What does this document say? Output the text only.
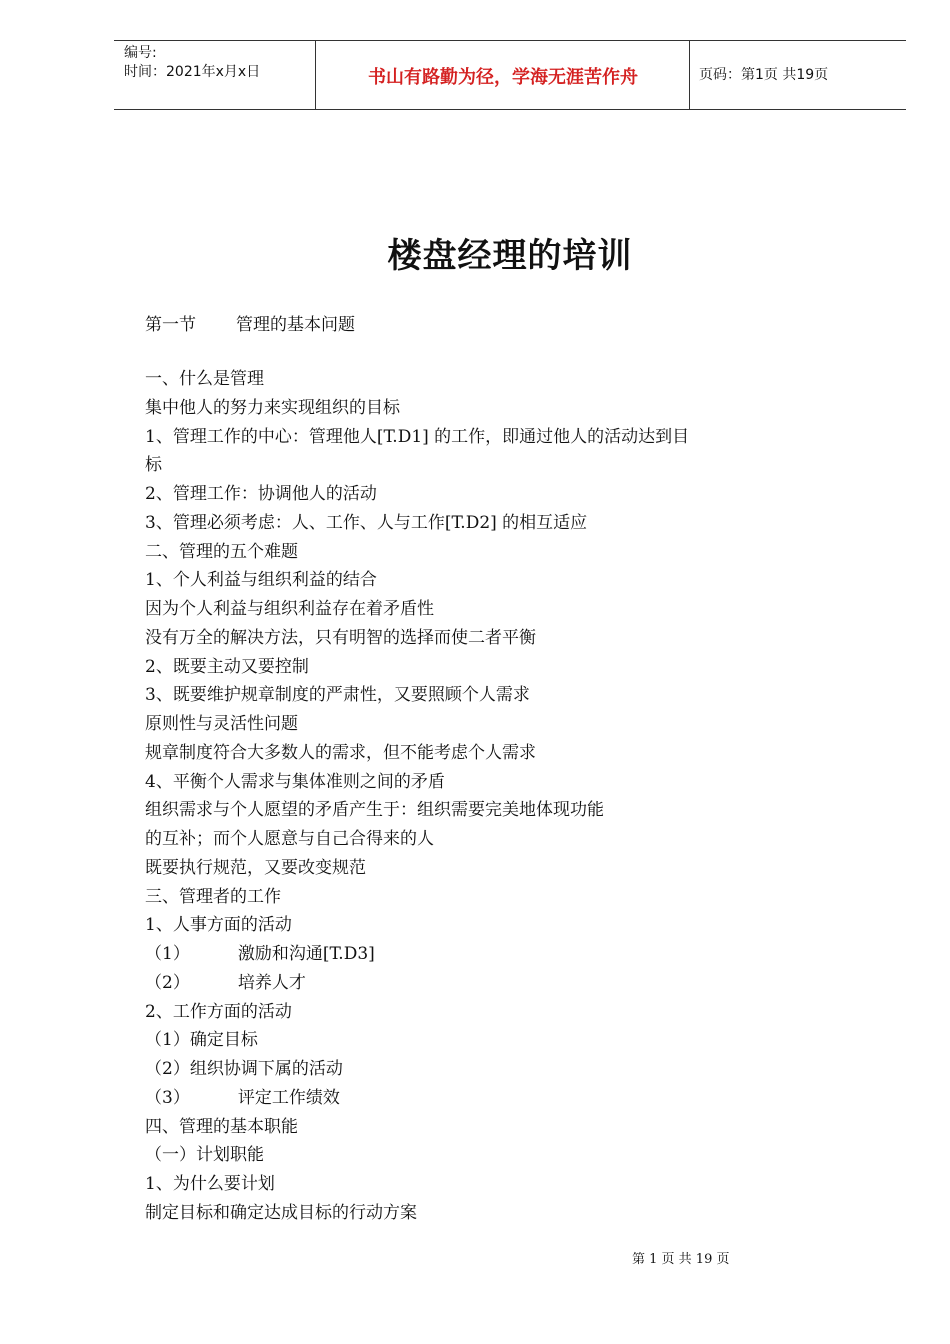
编号:
时间：2021年x月x日	书山有路勤为径，学海无涯苦作舟	页码：第1页 共19页
楼盘经理的培训
第一节 管理的基本问题
一、什么是管理
集中他人的努力来实现组织的目标
1、管理工作的中心：管理他人[T.D1] 的工作，即通过他人的活动达到目
标
2、管理工作：协调他人的活动
3、管理必须考虑：人、工作、人与工作[T.D2] 的相互适应
二、管理的五个难题
1、个人利益与组织利益的结合
因为个人利益与组织利益存在着矛盾性
没有万全的解决方法，只有明智的选择而使二者平衡
2、既要主动又要控制
3、既要维护规章制度的严肃性，又要照顾个人需求
原则性与灵活性问题
规章制度符合大多数人的需求，但不能考虑个人需求
4、平衡个人需求与集体准则之间的矛盾
组织需求与个人愿望的矛盾产生于：组织需要完美地体现功能
的互补；而个人愿意与自己合得来的人
既要执行规范，又要改变规范
三、管理者的工作
1、人事方面的活动
（1）	激励和沟通[T.D3]
（2）	培养人才
2、工作方面的活动
（1）确定目标
（2）组织协调下属的活动
（3）	评定工作绩效
四、管理的基本职能
（一）计划职能
1、为什么要计划
制定目标和确定达成目标的行动方案
第 1 页 共 19 页
